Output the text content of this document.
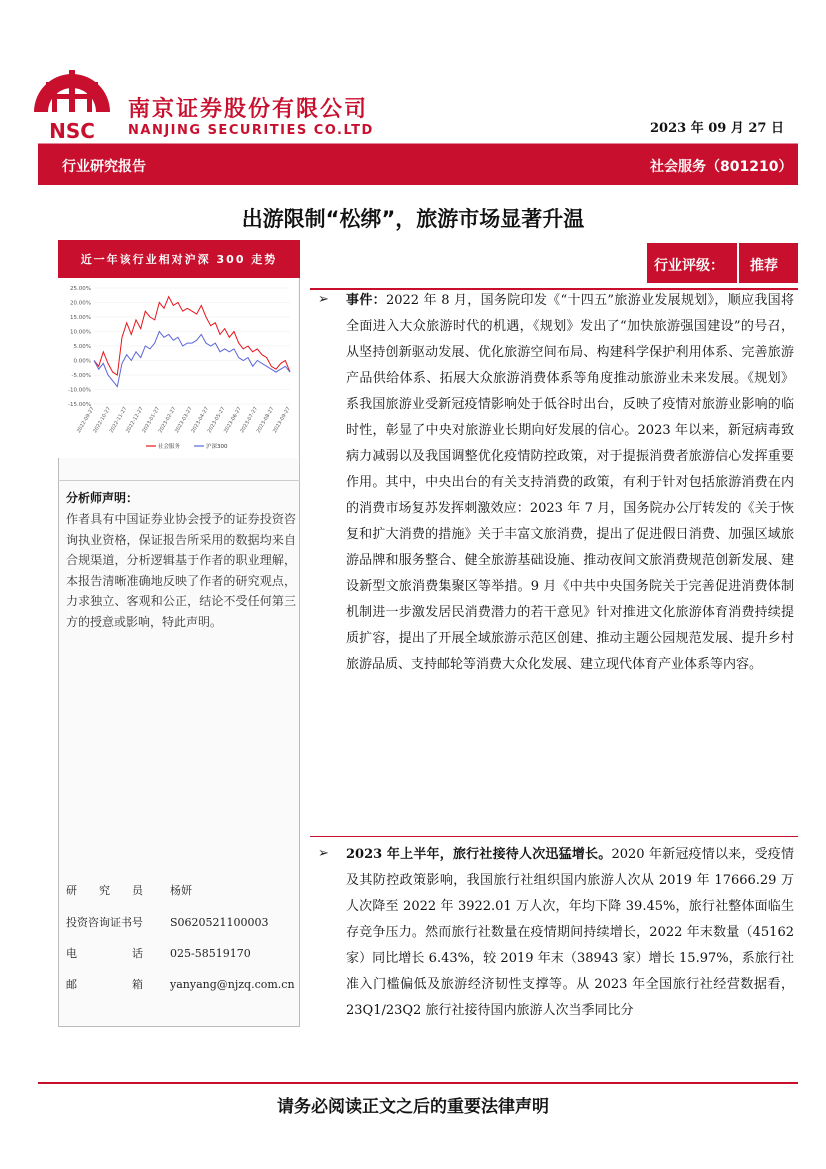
NSC
南京证券股份有限公司
NANJING SECURITIES CO.LTD	2023 年 09 月 27 日
行业研究报告	社会服务（801210）
出游限制“松绑”，旅游市场显著升温
近一年该行业相对沪深 300 走势
25.00%
20.00%
15.00%
10.00%
5.00%
0.00%
-5.00%
-10.00%
-15.00%
2022-09-27
2022-10-27
2022-11-27
2022-12-27
2023-01-27
2023-02-27
2023-03-27
2023-04-27
2023-05-27
2023-06-27
2023-07-27
2023-08-27
2023-09-27
社会服务	沪深300
分析师声明：
作者具有中国证券业协会授予的证券投资咨询执业资格，保证报告所采用的数据均来自合规渠道，分析逻辑基于作者的职业理解，本报告清晰准确地反映了作者的研究观点，力求独立、客观和公正，结论不受任何第三方的授意或影响，特此声明。
研　　究　　员 杨妍
投资咨询证书号 S0620521100003
电　　　　　话 025-58519170
邮　　　　　箱 yanyang@njzq.com.cn
行业评级： 推荐
➢ 事件：2022 年 8 月，国务院印发《“十四五”旅游业发展规划》，顺应我国将全面进入大众旅游时代的机遇，《规划》发出了“加快旅游强国建设”的号召，从坚持创新驱动发展、优化旅游空间布局、构建科学保护利用体系、完善旅游产品供给体系、拓展大众旅游消费体系等角度推动旅游业未来发展。《规划》系我国旅游业受新冠疫情影响处于低谷时出台，反映了疫情对旅游业影响的临时性，彰显了中央对旅游业长期向好发展的信心。2023 年以来，新冠病毒致病力减弱以及我国调整优化疫情防控政策，对于提振消费者旅游信心发挥重要作用。其中，中央出台的有关支持消费的政策，有利于针对包括旅游消费在内的消费市场复苏发挥刺激效应：2023 年 7 月，国务院办公厅转发的《关于恢复和扩大消费的措施》关于丰富文旅消费，提出了促进假日消费、加强区域旅游品牌和服务整合、健全旅游基础设施、推动夜间文旅消费规范创新发展、建设新型文旅消费集聚区等举措。9 月《中共中央国务院关于完善促进消费体制机制进一步激发居民消费潜力的若干意见》针对推进文化旅游体育消费持续提质扩容，提出了开展全域旅游示范区创建、推动主题公园规范发展、提升乡村旅游品质、支持邮轮等消费大众化发展、建立现代体育产业体系等内容。
➢ 2023 年上半年，旅行社接待人次迅猛增长。2020 年新冠疫情以来，受疫情及其防控政策影响，我国旅行社组织国内旅游人次从 2019 年 17666.29 万人次降至 2022 年 3922.01 万人次，年均下降 39.45%，旅行社整体面临生存竞争压力。然而旅行社数量在疫情期间持续增长，2022 年末数量（45162 家）同比增长 6.43%，较 2019 年末（38943 家）增长 15.97%，系旅行社准入门槛偏低及旅游经济韧性支撑等。从 2023 年全国旅行社经营数据看，23Q1/23Q2 旅行社接待国内旅游人次当季同比分
请务必阅读正文之后的重要法律声明
